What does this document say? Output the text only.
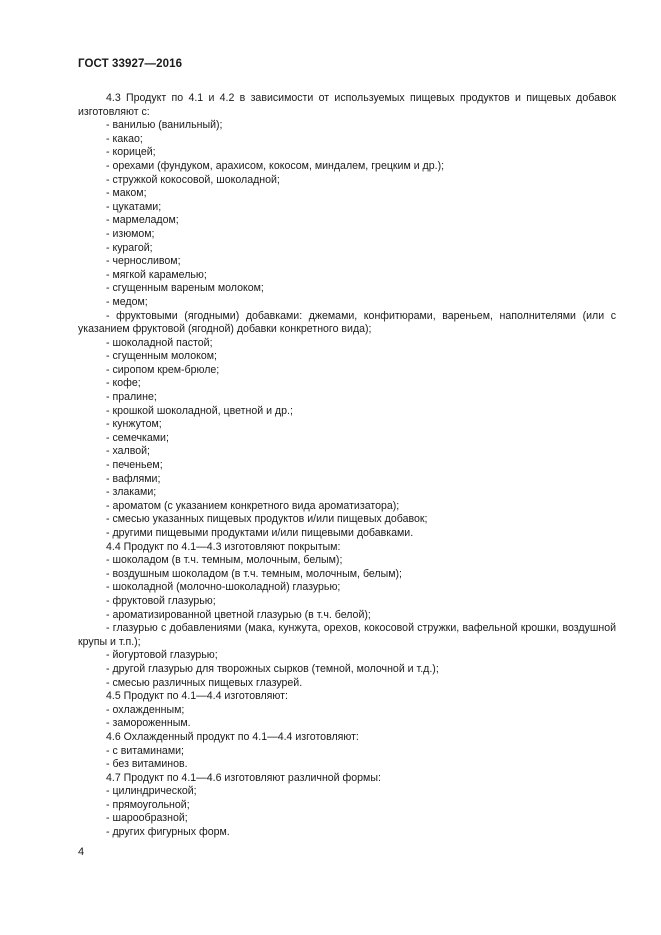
ГОСТ 33927—2016

4.3 Продукт по 4.1 и 4.2 в зависимости от используемых пищевых продуктов и пищевых добавок изготовляют с:

- ванилью (ванильный);

- какао;

- корицей;

- орехами (фундуком, арахисом, кокосом, миндалем, грецким и др.);

- стружкой кокосовой, шоколадной;

- маком;

- цукатами;

- мармеладом;

- изюмом;

- курагой;

- черносливом;

- мягкой карамелью;

- сгущенным вареным молоком;

- медом;

- фруктовыми (ягодными) добавками: джемами, конфитюрами, вареньем, наполнителями (или с указанием фруктовой (ягодной) добавки конкретного вида);

- шоколадной пастой;

- сгущенным молоком;

- сиропом крем-брюле;

- кофе;

- пралине;

- крошкой шоколадной, цветной и др.;

- кунжутом;

- семечками;

- халвой;

- печеньем;

- вафлями;

- злаками;

- ароматом (с указанием конкретного вида ароматизатора);

- смесью указанных пищевых продуктов и/или пищевых добавок;

- другими пищевыми продуктами и/или пищевыми добавками.

4.4 Продукт по 4.1—4.3 изготовляют покрытым:

- шоколадом (в т.ч. темным, молочным, белым);

- воздушным шоколадом (в т.ч. темным, молочным, белым);

- шоколадной (молочно-шоколадной) глазурью;

- фруктовой глазурью;

- ароматизированной цветной глазурью (в т.ч. белой);

- глазурью с добавлениями (мака, кунжута, орехов, кокосовой стружки, вафельной крошки, воздушной крупы и т.п.);

- йогуртовой глазурью;

- другой глазурью для творожных сырков (темной, молочной и т.д.);

- смесью различных пищевых глазурей.

4.5 Продукт по 4.1—4.4 изготовляют:

- охлажденным;

- замороженным.

4.6 Охлажденный продукт по 4.1—4.4 изготовляют:

- с витаминами;

- без витаминов.

4.7 Продукт по 4.1—4.6 изготовляют различной формы:

- цилиндрической;

- прямоугольной;

- шарообразной;

- других фигурных форм.

4
